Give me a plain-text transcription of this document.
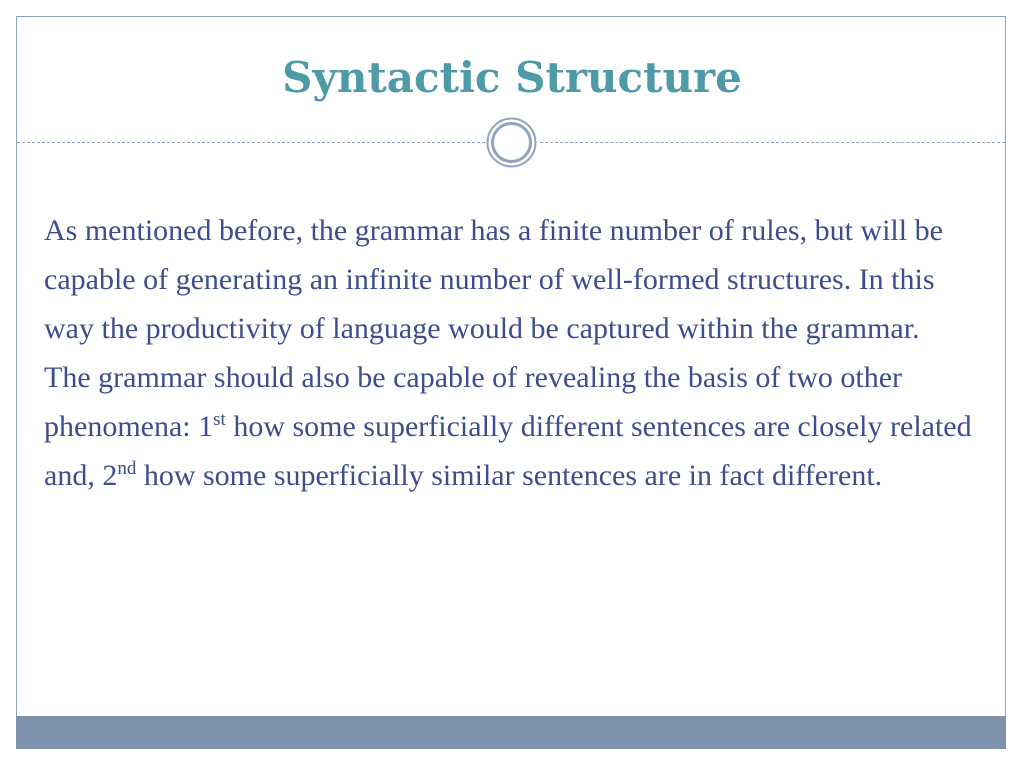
Syntactic Structure

As mentioned before, the grammar has a finite number of rules, but will be capable of generating an infinite number of well-formed structures. In this way the productivity of language would be captured within the grammar.

The grammar should also be capable of revealing the basis of two other phenomena: 1st how some superficially different sentences are closely related and, 2nd how some superficially similar sentences are in fact different.
